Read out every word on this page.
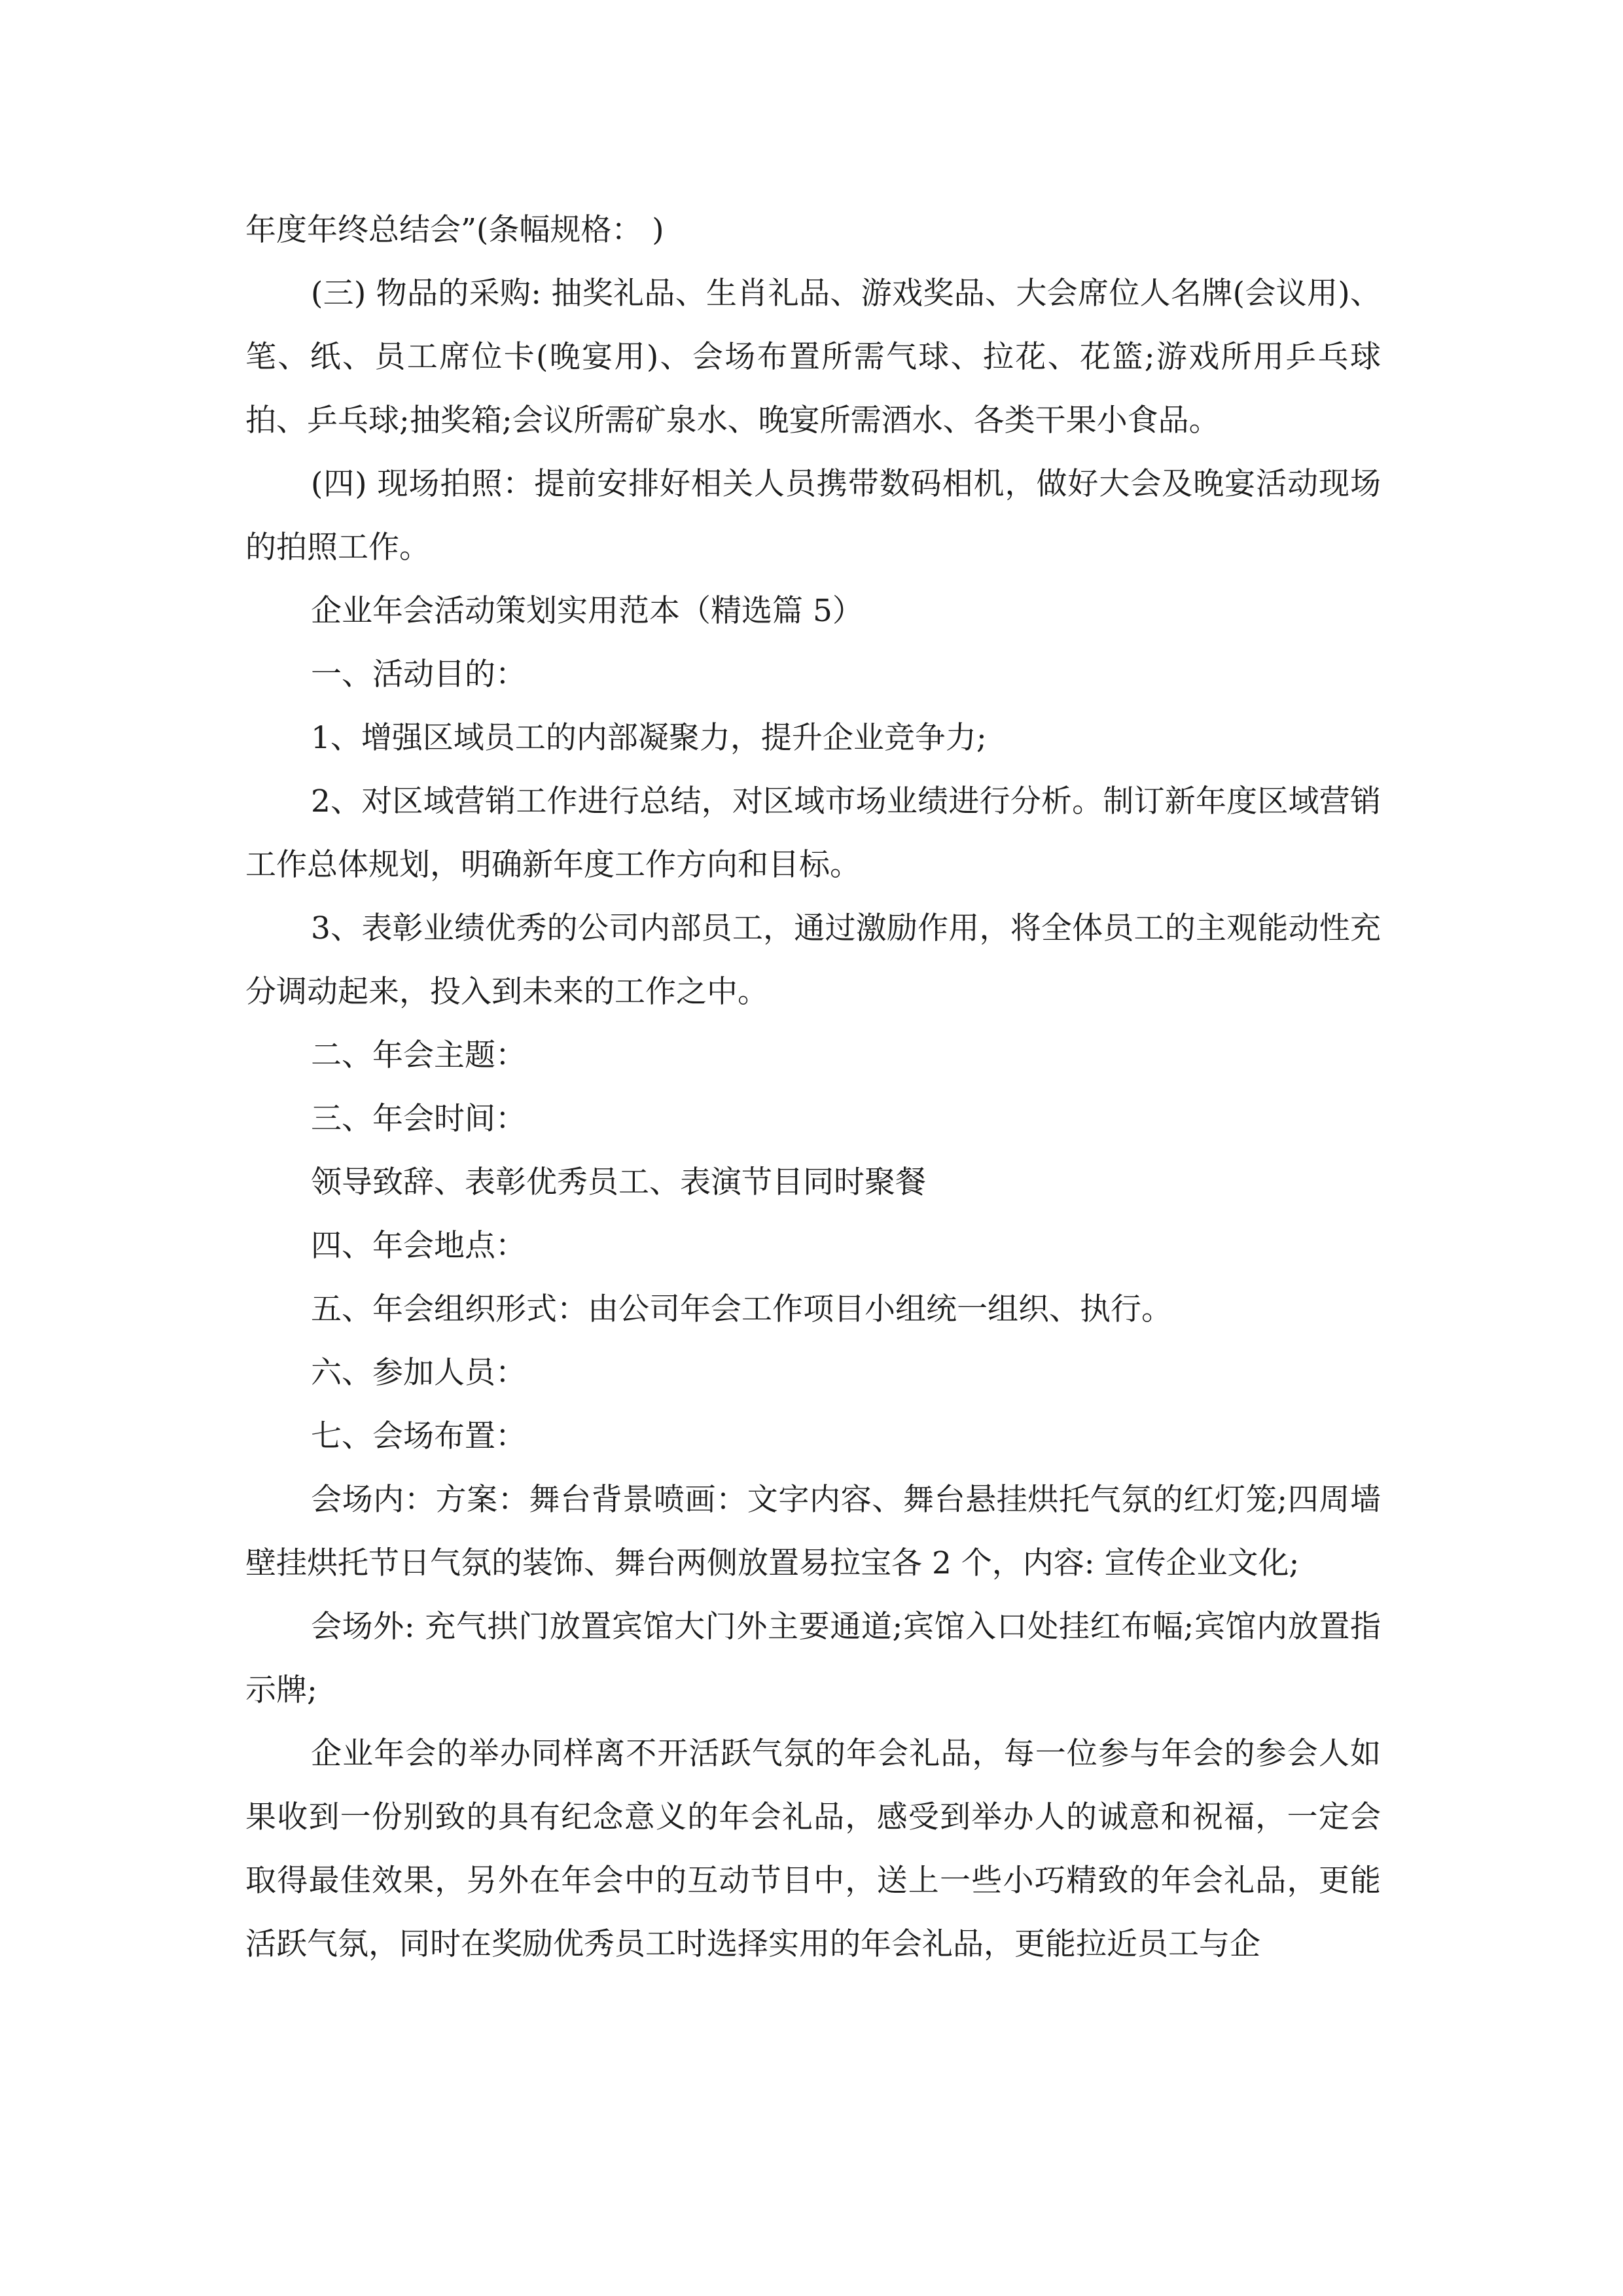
年度年终总结会”(条幅规格： )

(三) 物品的采购: 抽奖礼品、生肖礼品、游戏奖品、大会席位人名牌(会议用)、笔、纸、员工席位卡(晚宴用)、会场布置所需气球、拉花、花篮;游戏所用乒乓球拍、乒乓球;抽奖箱;会议所需矿泉水、晚宴所需酒水、各类干果小食品。

(四) 现场拍照：提前安排好相关人员携带数码相机，做好大会及晚宴活动现场的拍照工作。

企业年会活动策划实用范本（精选篇 5）

一、活动目的：

1、增强区域员工的内部凝聚力，提升企业竞争力;

2、对区域营销工作进行总结，对区域市场业绩进行分析。制订新年度区域营销工作总体规划，明确新年度工作方向和目标。

3、表彰业绩优秀的公司内部员工，通过激励作用，将全体员工的主观能动性充分调动起来，投入到未来的工作之中。

二、年会主题：

三、年会时间：

领导致辞、表彰优秀员工、表演节目同时聚餐

四、年会地点：

五、年会组织形式：由公司年会工作项目小组统一组织、执行。

六、参加人员：

七、会场布置：

会场内：方案：舞台背景喷画：文字内容、舞台悬挂烘托气氛的红灯笼;四周墙壁挂烘托节日气氛的装饰、舞台两侧放置易拉宝各 2 个，内容: 宣传企业文化;

会场外: 充气拱门放置宾馆大门外主要通道;宾馆入口处挂红布幅;宾馆内放置指示牌;

企业年会的举办同样离不开活跃气氛的年会礼品，每一位参与年会的参会人如果收到一份别致的具有纪念意义的年会礼品，感受到举办人的诚意和祝福，一定会取得最佳效果，另外在年会中的互动节目中，送上一些小巧精致的年会礼品，更能活跃气氛，同时在奖励优秀员工时选择实用的年会礼品，更能拉近员工与企
